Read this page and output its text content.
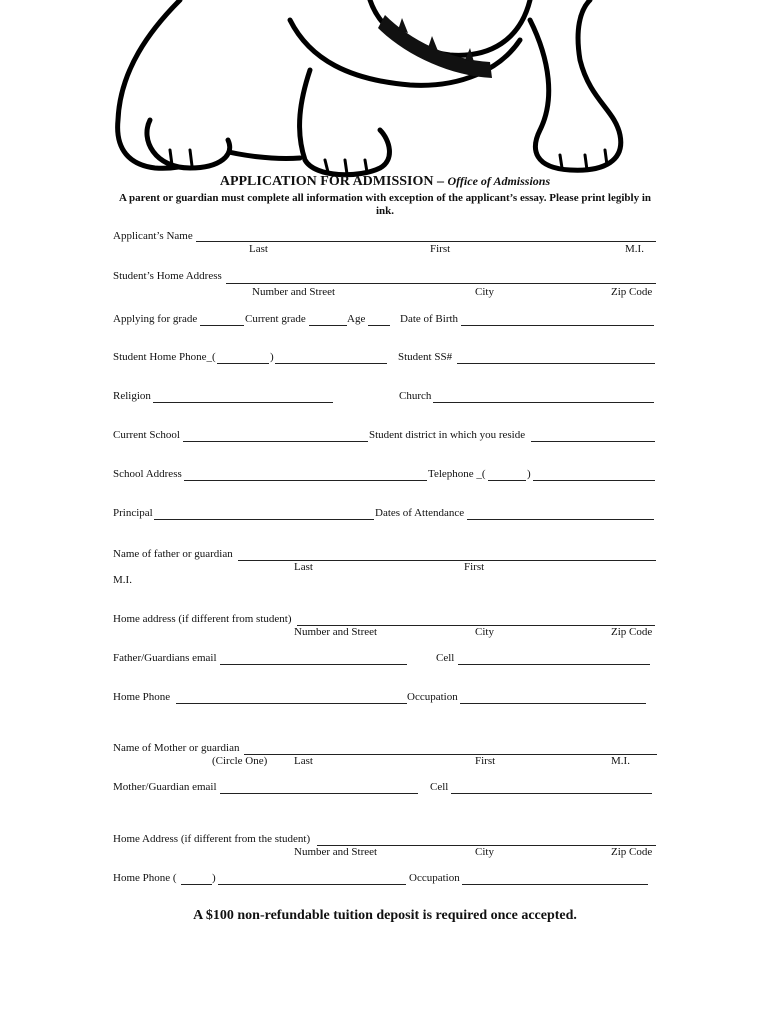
APPLICATION FOR ADMISSION – Office of Admissions
A parent or guardian must complete all information with exception of the applicant’s essay. Please print legibly in ink.
Applicant’s Name
Last	First	M.I.
Student’s Home Address
Number and Street	City	Zip Code
Applying for grade	Current grade	Age	Date of Birth
Student Home Phone_(	)	Student SS#
Religion	Church
Current School	Student district in which you reside
School Address	Telephone _(	)
Principal	Dates of Attendance
Name of father or guardian
Last	First
M.I.
Home address (if different from student)
Number and Street	City	Zip Code
Father/Guardians email	Cell
Home Phone	Occupation
Name of Mother or guardian
(Circle One) Last	First	M.I.
Mother/Guardian email	Cell
Home Address (if different from the student)
Number and Street	City	Zip Code
Home Phone (	)	Occupation
A $100 non-refundable tuition deposit is required once accepted.
